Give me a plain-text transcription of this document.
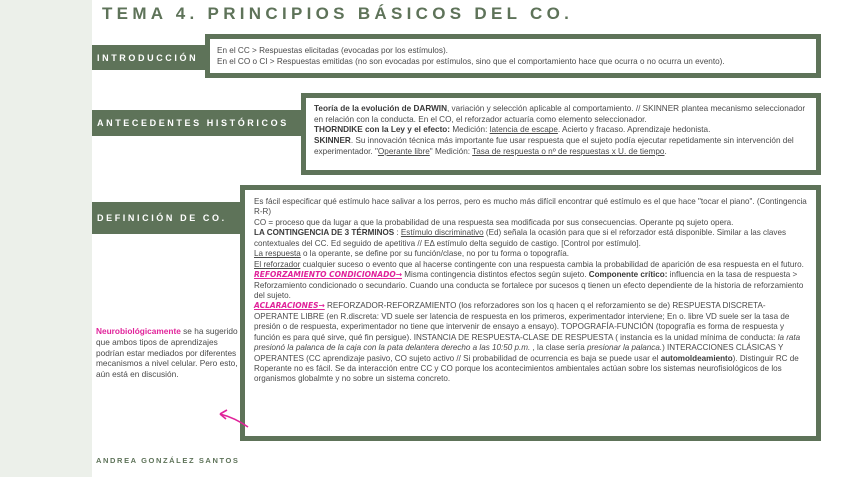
TEMA 4. PRINCIPIOS BÁSICOS DEL CO.
INTRODUCCIÓN

En el CC > Respuestas elicitadas (evocadas por los estímulos).

En el CO o CI > Respuestas emitidas (no son evocadas por estímulos, sino que el comportamiento hace que ocurra o no ocurra un evento).

ANTECEDENTES HISTÓRICOS

Teoría de la evolución de DARWIN, variación y selección aplicable al comportamiento. // SKINNER plantea mecanismo seleccionador en relación con la conducta. En el CO, el reforzador actuaría como elemento seleccionador.

THORNDIKE con la Ley y el efecto: Medición: latencia de escape. Acierto y fracaso. Aprendizaje hedonista.

SKINNER. Su innovación técnica más importante fue usar respuesta que el sujeto podía ejecutar repetidamente sin intervención del experimentador. "Operante libre" Medición: Tasa de respuesta o nº de respuestas x U. de tiempo.

DEFINICIÓN DE CO.

Es fácil especificar qué estímulo hace salivar a los perros, pero es mucho más difícil encontrar qué estímulo es el que hace "tocar el piano". (Contingencia R-R)

CO = proceso que da lugar a que la probabilidad de una respuesta sea modificada por sus consecuencias. Operante pq sujeto opera.

LA CONTINGENCIA DE 3 TÉRMINOS : Estímulo discriminativo (Ed) señala la ocasión para que si el reforzador está disponible. Similar a las claves contextuales del CC. Ed seguido de apetitiva // EΔ estímulo delta seguido de castigo. [Control por estímulo].

La respuesta o la operante, se define por su función/clase, no por tu forma o topografía.

El reforzador cualquier suceso o evento que al hacerse contingente con una respuesta cambia la probabilidad de aparición de esa respuesta en el futuro.

REFORZAMIENTO CONDICIONADO→ Misma contingencia distintos efectos según sujeto. Componente crítico: influencia en la tasa de respuesta > Reforzamiento condicionado o secundario. Cuando una conducta se fortalece por sucesos q tienen un efecto dependiente de la historia de reforzamiento del sujeto.

ACLARACIONES→ REFORZADOR-REFORZAMIENTO (los reforzadores son los q hacen q el reforzamiento se de) RESPUESTA DISCRETA-OPERANTE LIBRE (en R.discreta: VD suele ser latencia de respuesta en los primeros, experimentador interviene; En o. libre VD suele ser la tasa de presión o de respuesta, experimentador no tiene que intervenir de ensayo a ensayo). TOPOGRAFÍA-FUNCIÓN (topografía es forma de respuesta y función es para qué sirve, qué fin persigue). INSTANCIA DE RESPUESTA-CLASE DE RESPUESTA ( instancia es la unidad mínima de conducta: la rata presionó la palanca de la caja con la pata delantera derecho a las 10:50 p.m. , la clase sería presionar la palanca.) INTERACCIONES CLÁSICAS Y OPERANTES (CC aprendizaje pasivo, CO sujeto activo // Si probabilidad de ocurrencia es baja se puede usar el automoldeamiento). Distinguir RC de Roperante no es fácil. Se da interacción entre CC y CO porque los acontecimientos ambientales actúan sobre los sistemas neurofisiológicos de los organismos globalmte y no sobre un sistema concreto.

Neurobiológicamente se ha sugerido que ambos tipos de aprendizajes podrían estar mediados por diferentes mecanismos a nivel celular. Pero esto, aún está en discusión.
ANDREA GONZÁLEZ SANTOS
